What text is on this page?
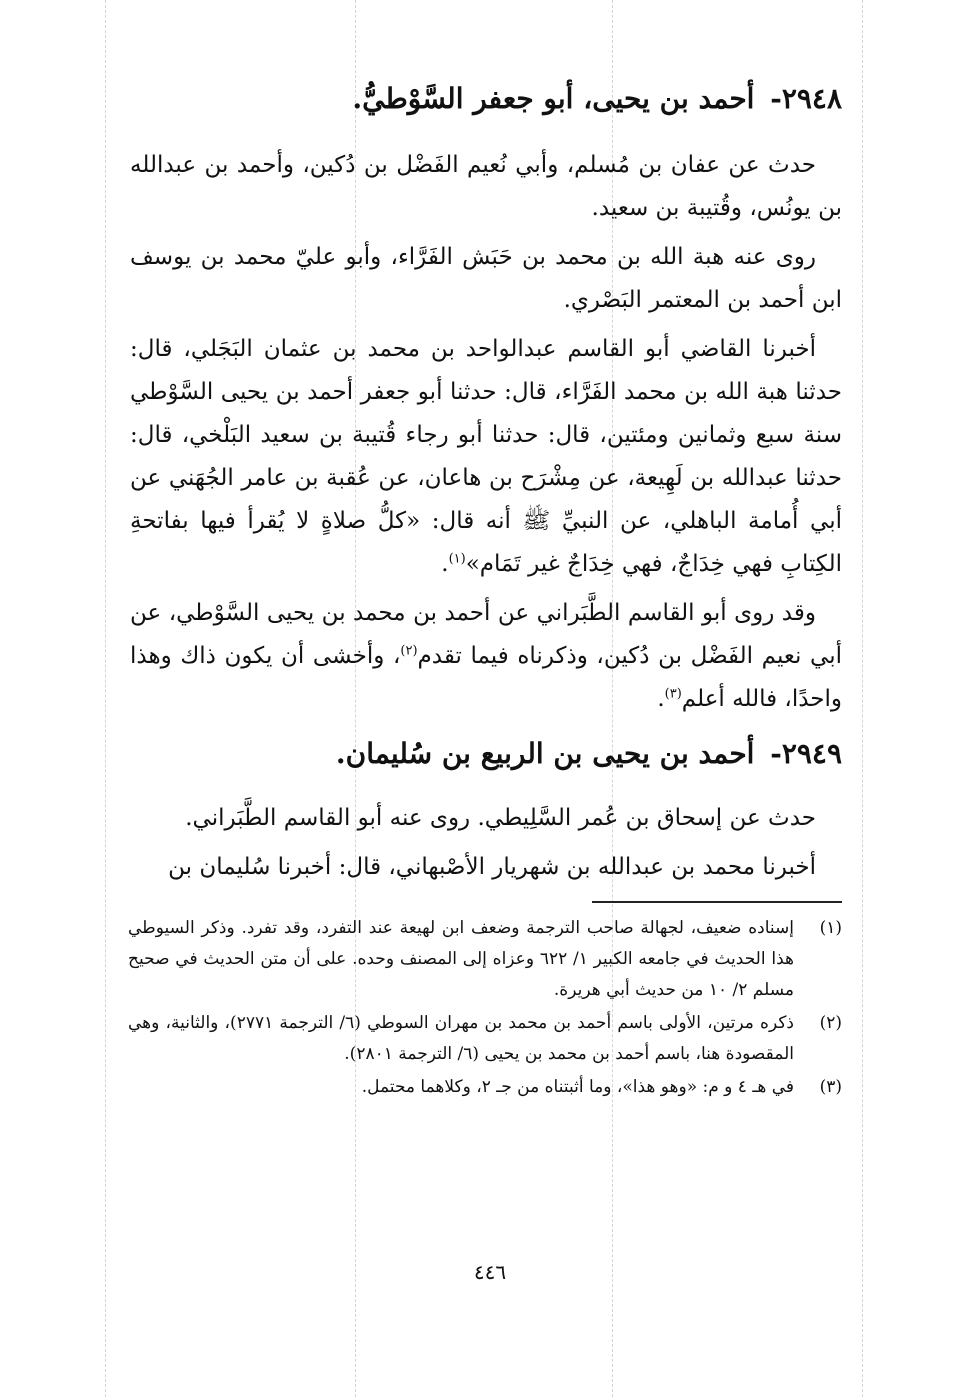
٢٩٤٨- أحمد بن يحيى، أبو جعفر السَّوْطيُّ.

حدث عن عفان بن مُسلم، وأبي نُعيم الفَضْل بن دُكين، وأحمد بن عبدالله بن يونُس، وقُتيبة بن سعيد.

روى عنه هبة الله بن محمد بن حَبَش الفَرَّاء، وأبو عليّ محمد بن يوسف ابن أحمد بن المعتمر البَصْري.

أخبرنا القاضي أبو القاسم عبدالواحد بن محمد بن عثمان البَجَلي، قال: حدثنا هبة الله بن محمد الفَرَّاء، قال: حدثنا أبو جعفر أحمد بن يحيى السَّوْطي سنة سبع وثمانين ومئتين، قال: حدثنا أبو رجاء قُتيبة بن سعيد البَلْخي، قال: حدثنا عبدالله بن لَهِيعة، عن مِشْرَح بن هاعان، عن عُقبة بن عامر الجُهَني عن أبي أُمامة الباهلي، عن النبيِّ ﷺ أنه قال: «كلُّ صلاةٍ لا يُقرأ فيها بفاتحةِ الكِتابِ فهي خِدَاجٌ، فهي خِدَاجٌ غير تَمَام»$^{(١)}$.

وقد روى أبو القاسم الطَّبَراني عن أحمد بن محمد بن يحيى السَّوْطي، عن أبي نعيم الفَضْل بن دُكين، وذكرناه فيما تقدم$^{(٢)}$، وأخشى أن يكون ذاك وهذا واحدًا، فالله أعلم$^{(٣)}$.

٢٩٤٩- أحمد بن يحيى بن الربيع بن سُليمان.

حدث عن إسحاق بن عُمر السَّلِيطي. روى عنه أبو القاسم الطَّبَراني.

أخبرنا محمد بن عبدالله بن شهريار الأصْبهاني، قال: أخبرنا سُليمان بن

(١)
إسناده ضعيف، لجهالة صاحب الترجمة وضعف ابن لهيعة عند التفرد، وقد تفرد. وذكر السيوطي هذا الحديث في جامعه الكبير ١/ ٦٢٢ وعزاه إلى المصنف وحده. على أن متن الحديث في صحيح مسلم ٢/ ١٠ من حديث أبي هريرة.
(٢)
ذكره مرتين، الأولى باسم أحمد بن محمد بن مهران السوطي (٦/ الترجمة ٢٧٧١)، والثانية، وهي المقصودة هنا، باسم أحمد بن محمد بن يحيى (٦/ الترجمة ٢٨٠١).
(٣)
في هـ ٤ و م: «وهو هذا»، وما أثبتناه من جـ ٢، وكلاهما محتمل.
٤٤٦
